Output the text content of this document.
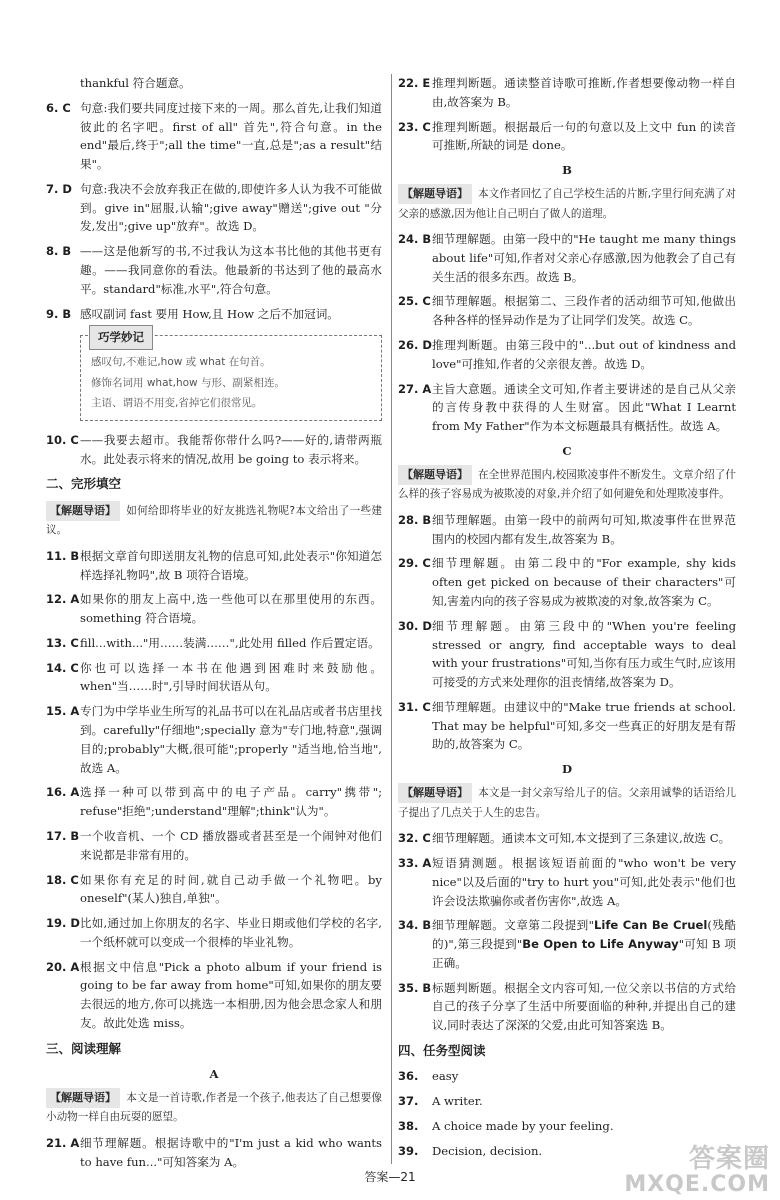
thankful 符合题意。
6. C 句意:我们要共同度过接下来的一周。那么首先,让我们知道彼此的名字吧。first of all" 首先",符合句意。in the end"最后,终于";all the time"一直,总是";as a result"结果"。
7. D 句意:我决不会放弃我正在做的,即使许多人认为我不可能做到。give in"屈服,认输";give away"赠送";give out "分发,发出";give up"放弃"。故选 D。
8. B ——这是他新写的书,不过我认为这本书比他的其他书更有趣。——我同意你的看法。他最新的书达到了他的最高水平。standard"标准,水平",符合句意。
9. B 感叹副词 fast 要用 How,且 How 之后不加冠词。
巧学妙记
感叹句,不难记,how 或 what 在句首。
修饰名词用 what,how 与形、副紧相连。
主语、谓语不用变,省掉它们很常见。
10. C ——我要去超市。我能帮你带什么吗?——好的,请带两瓶水。此处表示将来的情况,故用 be going to 表示将来。
二、完形填空
【解题导语】 如何给即将毕业的好友挑选礼物呢?本文给出了一些建议。
11. B 根据文章首句即送朋友礼物的信息可知,此处表示"你知道怎样选择礼物吗",故 B 项符合语境。
12. A 如果你的朋友上高中,选一些他可以在那里使用的东西。something 符合语境。
13. C fill...with..."用……装满……",此处用 filled 作后置定语。
14. C 你也可以选择一本书在他遇到困难时来鼓励他。when"当……时",引导时间状语从句。
15. A 专门为中学毕业生所写的礼品书可以在礼品店或者书店里找到。carefully"仔细地";specially 意为"专门地,特意",强调目的;probably"大概,很可能";properly "适当地,恰当地",故选 A。
16. A 选择一种可以带到高中的电子产品。carry"携带"; refuse"拒绝";understand"理解";think"认为"。
17. B 一个收音机、一个 CD 播放器或者甚至是一个闹钟对他们来说都是非常有用的。
18. C 如果你有充足的时间,就自己动手做一个礼物吧。by oneself"(某人)独自,单独"。
19. D 比如,通过加上你朋友的名字、毕业日期或他们学校的名字,一个纸杯就可以变成一个很棒的毕业礼物。
20. A 根据文中信息"Pick a photo album if your friend is going to be far away from home"可知,如果你的朋友要去很远的地方,你可以挑选一本相册,因为他会思念家人和朋友。故此处选 miss。
三、阅读理解
A
【解题导语】 本文是一首诗歌,作者是一个孩子,他表达了自己想要像小动物一样自由玩耍的愿望。
21. A 细节理解题。根据诗歌中的"I'm just a kid who wants to have fun..."可知答案为 A。
22. E 推理判断题。通读整首诗歌可推断,作者想要像动物一样自由,故答案为 B。
23. C 推理判断题。根据最后一句的句意以及上文中 fun 的读音可推断,所缺的词是 done。
B
【解题导语】 本文作者回忆了自己学校生活的片断,字里行间充满了对父亲的感激,因为他让自己明白了做人的道理。
24. B 细节理解题。由第一段中的"He taught me many things about life"可知,作者对父亲心存感激,因为他教会了自己有关生活的很多东西。故选 B。
25. C 细节理解题。根据第二、三段作者的活动细节可知,他做出各种各样的怪异动作是为了让同学们发笑。故选 C。
26. D 推理判断题。由第三段中的"...but out of kindness and love"可推知,作者的父亲很友善。故选 D。
27. A 主旨大意题。通读全文可知,作者主要讲述的是自己从父亲的言传身教中获得的人生财富。因此"What I Learnt from My Father"作为本文标题最具有概括性。故选 A。
C
【解题导语】 在全世界范围内,校园欺凌事件不断发生。文章介绍了什么样的孩子容易成为被欺凌的对象,并介绍了如何避免和处理欺凌事件。
28. B 细节理解题。由第一段中的前两句可知,欺凌事件在世界范围内的校园内都有发生,故答案为 B。
29. C 细节理解题。由第二段中的"For example, shy kids often get picked on because of their characters"可知,害羞内向的孩子容易成为被欺凌的对象,故答案为 C。
30. D 细节理解题。由第三段中的"When you're feeling stressed or angry, find acceptable ways to deal with your frustrations"可知,当你有压力或生气时,应该用可接受的方式来处理你的沮丧情绪,故答案为 D。
31. C 细节理解题。由建议中的"Make true friends at school. That may be helpful"可知,多交一些真正的好朋友是有帮助的,故答案为 C。
D
【解题导语】 本文是一封父亲写给儿子的信。父亲用诚挚的话语给儿子提出了几点关于人生的忠告。
32. C 细节理解题。通读本文可知,本文提到了三条建议,故选 C。
33. A 短语猜测题。根据该短语前面的"who won't be very nice"以及后面的"try to hurt you"可知,此处表示"他们也许会设法欺骗你或者伤害你",故选 A。
34. B 细节理解题。文章第二段提到"Life Can Be Cruel(残酷的)",第三段提到"Be Open to Life Anyway"可知 B 项正确。
35. B 标题判断题。根据全文内容可知,一位父亲以书信的方式给自己的孩子分享了生活中所要面临的种种,并提出自己的建议,同时表达了深深的父爱,由此可知答案选 B。
四、任务型阅读
36.	easy
37.	A writer.
38.	A choice made by your feeling.
39.	Decision, decision.
答案—21
答案圈
MXQE.COM
